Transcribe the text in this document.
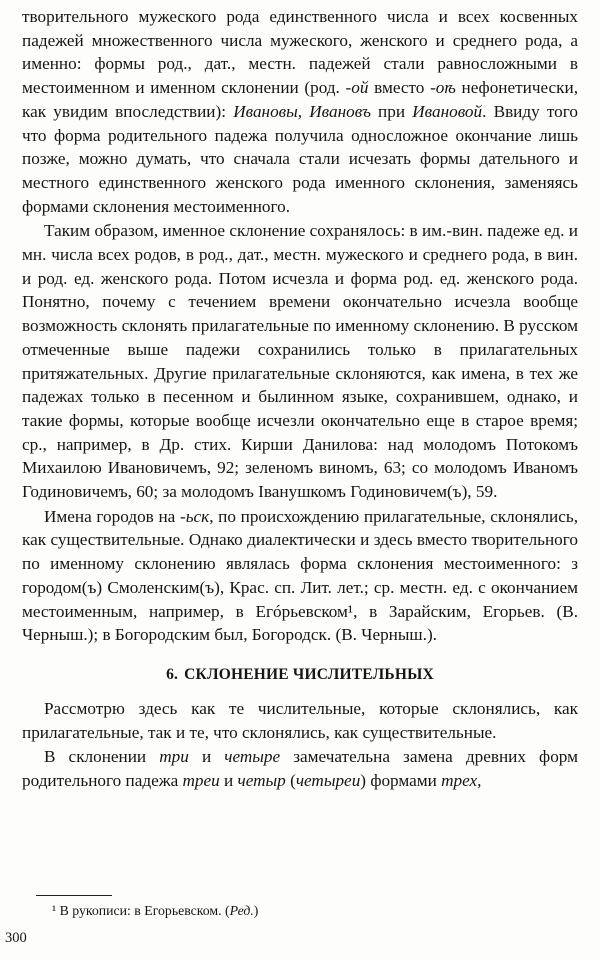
творительного мужеского рода единственного числа и всех косвенных падежей множественного числа мужеского, женского и среднего рода, а именно: формы род., дат., местн. падежей стали равносложными в местоименном и именном склонении (род. -ой вместо -оѣ нефонетически, как увидим впоследствии): Ивановы, Ивановъ при Ивановой. Ввиду того что форма родительного падежа получила односложное окончание лишь позже, можно думать, что сначала стали исчезать формы дательного и местного единственного женского рода именного склонения, заменяясь формами склонения местоименного.

Таким образом, именное склонение сохранялось: в им.-вин. падеже ед. и мн. числа всех родов, в род., дат., местн. мужеского и среднего рода, в вин. и род. ед. женского рода. Потом исчезла и форма род. ед. женского рода. Понятно, почему с течением времени окончательно исчезла вообще возможность склонять прилагательные по именному склонению. В русском отмеченные выше падежи сохранились только в прилагательных притяжательных. Другие прилагательные склоняются, как имена, в тех же падежах только в песенном и былинном языке, сохранившем, однако, и такие формы, которые вообще исчезли окончательно еще в старое время; ср., например, в Др. стих. Кирши Данилова: над молодомъ Потокомъ Михаилою Ивановичемъ, 92; зеленомъ виномъ, 63; со молодомъ Иваномъ Годиновичемъ, 60; за молодомъ Іванушкомъ Годиновичем(ъ), 59.

Имена городов на -ьск, по происхождению прилагательные, склонялись, как существительные. Однако диалектически и здесь вместо творительного по именному склонению являлась форма склонения местоименного: з городом(ъ) Смоленским(ъ), Крас. сп. Лит. лет.; ср. местн. ед. с окончанием местоименным, например, в Егóрьевском¹, в Зарайским, Егорьев. (В. Черныш.); в Богородским был, Богородск. (В. Черныш.).

6. СКЛОНЕНИЕ ЧИСЛИТЕЛЬНЫХ

Рассмотрю здесь как те числительные, которые склонялись, как прилагательные, так и те, что склонялись, как существительные.

В склонении три и четыре замечательна замена древних форм родительного падежа треи и четыр (четыреи) формами трех,

¹ В рукописи: в Егорьевском. (Ред.)
300
